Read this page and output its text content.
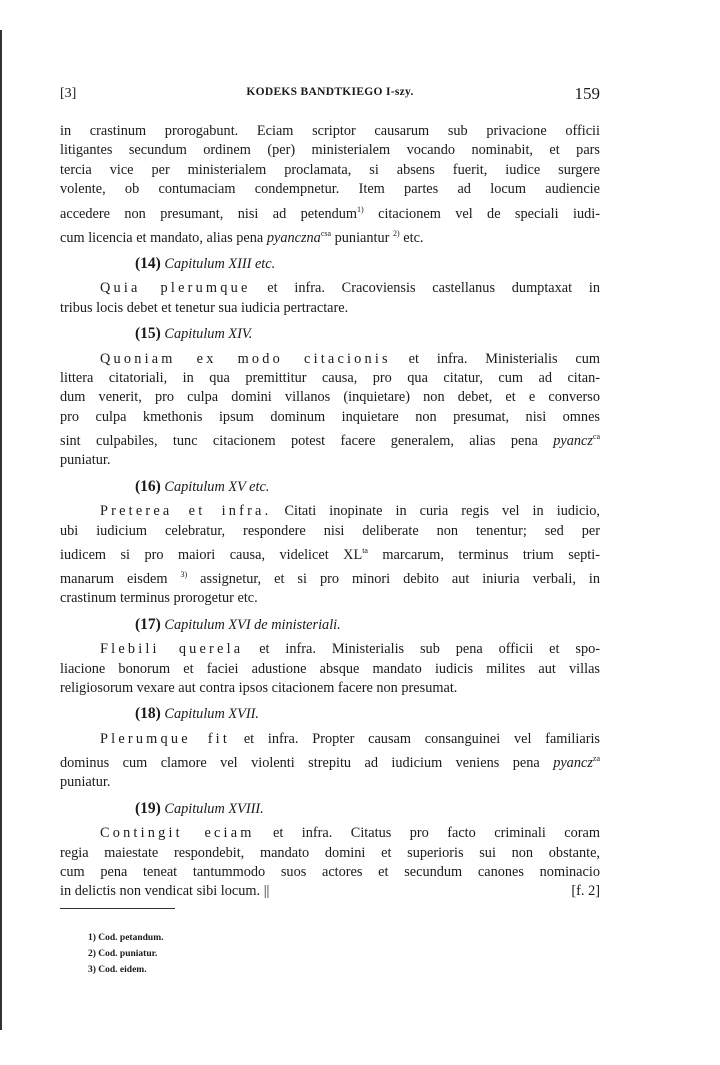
[3]	KODEKS BANDTKIEGO I-szy.	159
in crastinum prorogabunt. Eciam scriptor causarum sub privacione officii
litigantes secundum ordinem (per) ministerialem vocando nominabit, et pars
tercia vice per ministerialem proclamata, si absens fuerit, iudice surgere
volente, ob contumaciam condempnetur. Item partes ad locum audiencie
accedere non presumant, nisi ad petendum$^{1)}$ citacionem vel de speciali iudi-
cum licencia et mandato, alias pena pyanczna$^{csa}$ puniantur $^{2)}$ etc.
(14) Capitulum XIII etc.
Quia plerumque et infra. Cracoviensis castellanus dumptaxat in
tribus locis debet et tenetur sua iudicia pertractare.
(15) Capitulum XIV.
Quoniam ex modo citacionis et infra. Ministerialis cum
littera citatoriali, in qua premittitur causa, pro qua citatur, cum ad citan-
dum venerit, pro culpa domini villanos (inquietare) non debet, et e converso
pro culpa kmethonis ipsum dominum inquietare non presumat, nisi omnes
sint culpabiles, tunc citacionem potest facere generalem, alias pena pyancz$^{ca}$
puniatur.
(16) Capitulum XV etc.
Preterea et infra. Citati inopinate in curia regis vel in iudicio,
ubi iudicium celebratur, respondere nisi deliberate non tenentur; sed per
iudicem si pro maiori causa, videlicet $XL^{ta}$ marcarum, terminus trium septi-
manarum eisdem $^{3)}$ assignetur, et si pro minori debito aut iniuria verbali, in
crastinum terminus prorogetur etc.
(17) Capitulum XVI de ministeriali.
Flebili querela et infra. Ministerialis sub pena officii et spo-
liacione bonorum et faciei adustione absque mandato iudicis milites aut villas
religiosorum vexare aut contra ipsos citacionem facere non presumat.
(18) Capitulum XVII.
Plerumque fit et infra. Propter causam consanguinei vel familiaris
dominus cum clamore vel violenti strepitu ad iudicium veniens pena pyancz$^{za}$
puniatur.
(19) Capitulum XVIII.
Contingit eciam et infra. Citatus pro facto criminali coram
regia maiestate respondebit, mandato domini et superioris sui non obstante,
cum pena teneat tantummodo suos actores et secundum canones nominacio
in delictis non vendicat sibi locum. ||	[f. 2]
1) Cod. petandum.
2) Cod. puniatur.
3) Cod. eidem.
